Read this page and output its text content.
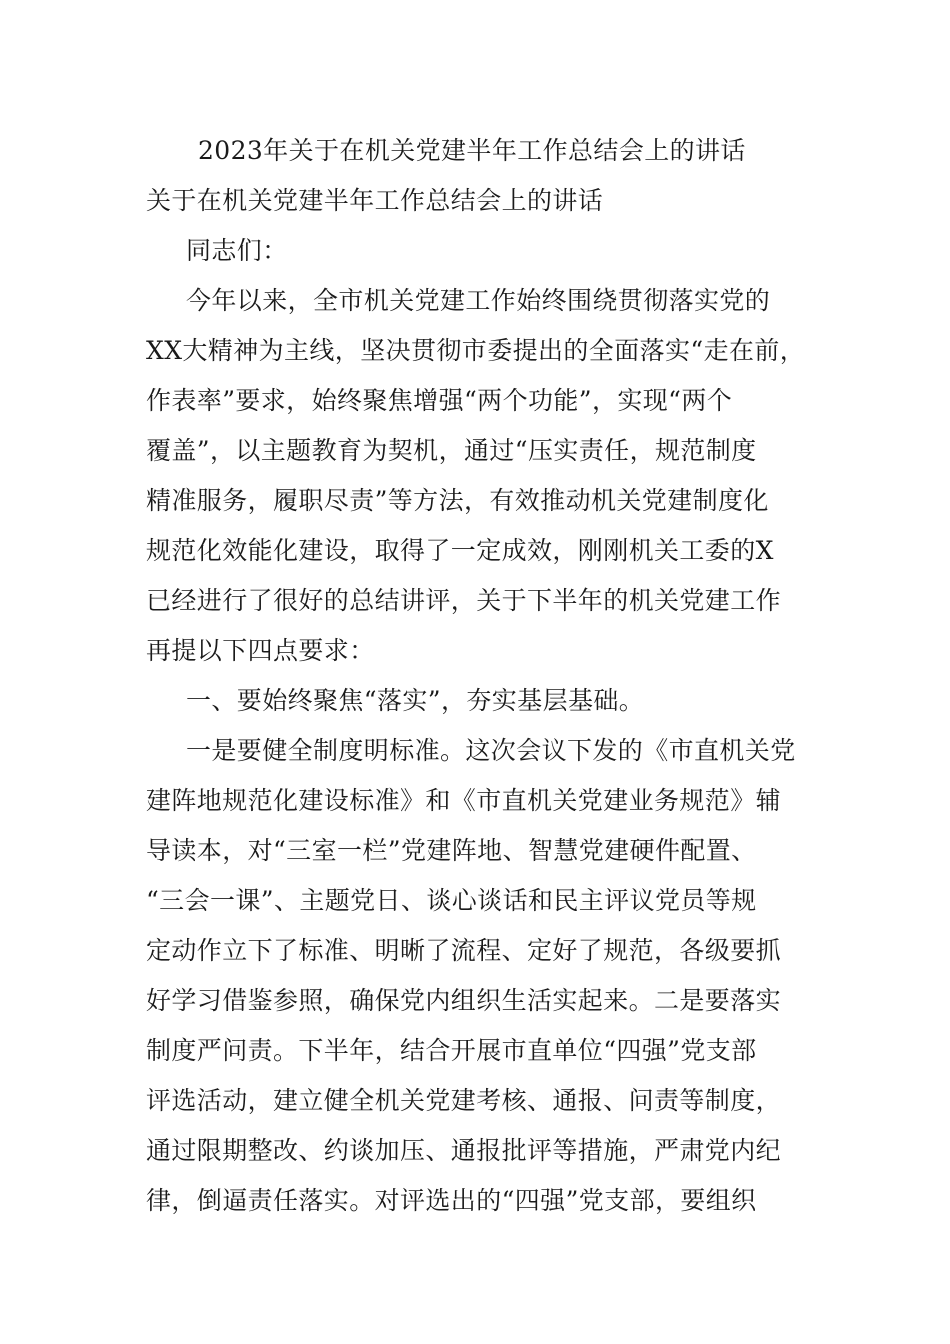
2023年关于在机关党建半年工作总结会上的讲话
关于在机关党建半年工作总结会上的讲话
同志们：
今年以来，全市机关党建工作始终围绕贯彻落实党的
XX大精神为主线，坚决贯彻市委提出的全面落实“走在前，
作表率”要求，始终聚焦增强“两个功能”，实现“两个
覆盖”，以主题教育为契机，通过“压实责任，规范制度
精准服务，履职尽责”等方法，有效推动机关党建制度化
规范化效能化建设，取得了一定成效，刚刚机关工委的X
已经进行了很好的总结讲评，关于下半年的机关党建工作
再提以下四点要求：
一、要始终聚焦“落实”，夯实基层基础。
一是要健全制度明标准。这次会议下发的《市直机关党
建阵地规范化建设标准》和《市直机关党建业务规范》辅
导读本，对“三室一栏”党建阵地、智慧党建硬件配置、
“三会一课”、主题党日、谈心谈话和民主评议党员等规
定动作立下了标准、明晰了流程、定好了规范，各级要抓
好学习借鉴参照，确保党内组织生活实起来。二是要落实
制度严问责。下半年，结合开展市直单位“四强”党支部
评选活动，建立健全机关党建考核、通报、问责等制度，
通过限期整改、约谈加压、通报批评等措施，严肃党内纪
律，倒逼责任落实。对评选出的“四强”党支部，要组织
